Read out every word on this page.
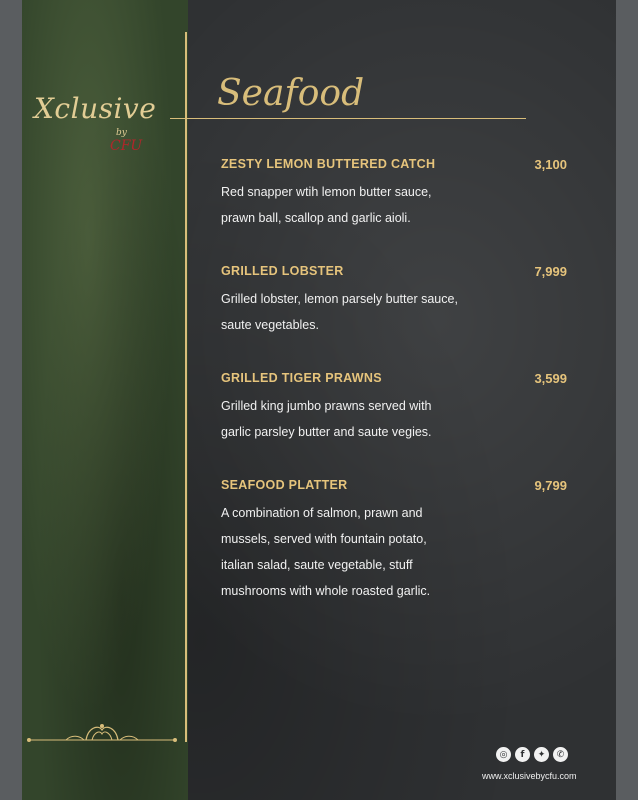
Xclusive
by
CFU
Seafood
ZESTY LEMON BUTTERED CATCH	3,100
Red snapper wtih lemon butter sauce,
prawn ball, scallop and garlic aioli.
GRILLED LOBSTER	7,999
Grilled lobster, lemon parsely butter sauce,
saute vegetables.
GRILLED TIGER PRAWNS	3,599
Grilled king jumbo prawns served with
garlic parsley butter and saute vegies.
SEAFOOD PLATTER	9,799
A combination of salmon, prawn and
mussels, served with fountain potato,
italian salad, saute vegetable, stuff
mushrooms with whole roasted garlic.
◎	f	✦	✆
www.xclusivebycfu.com
